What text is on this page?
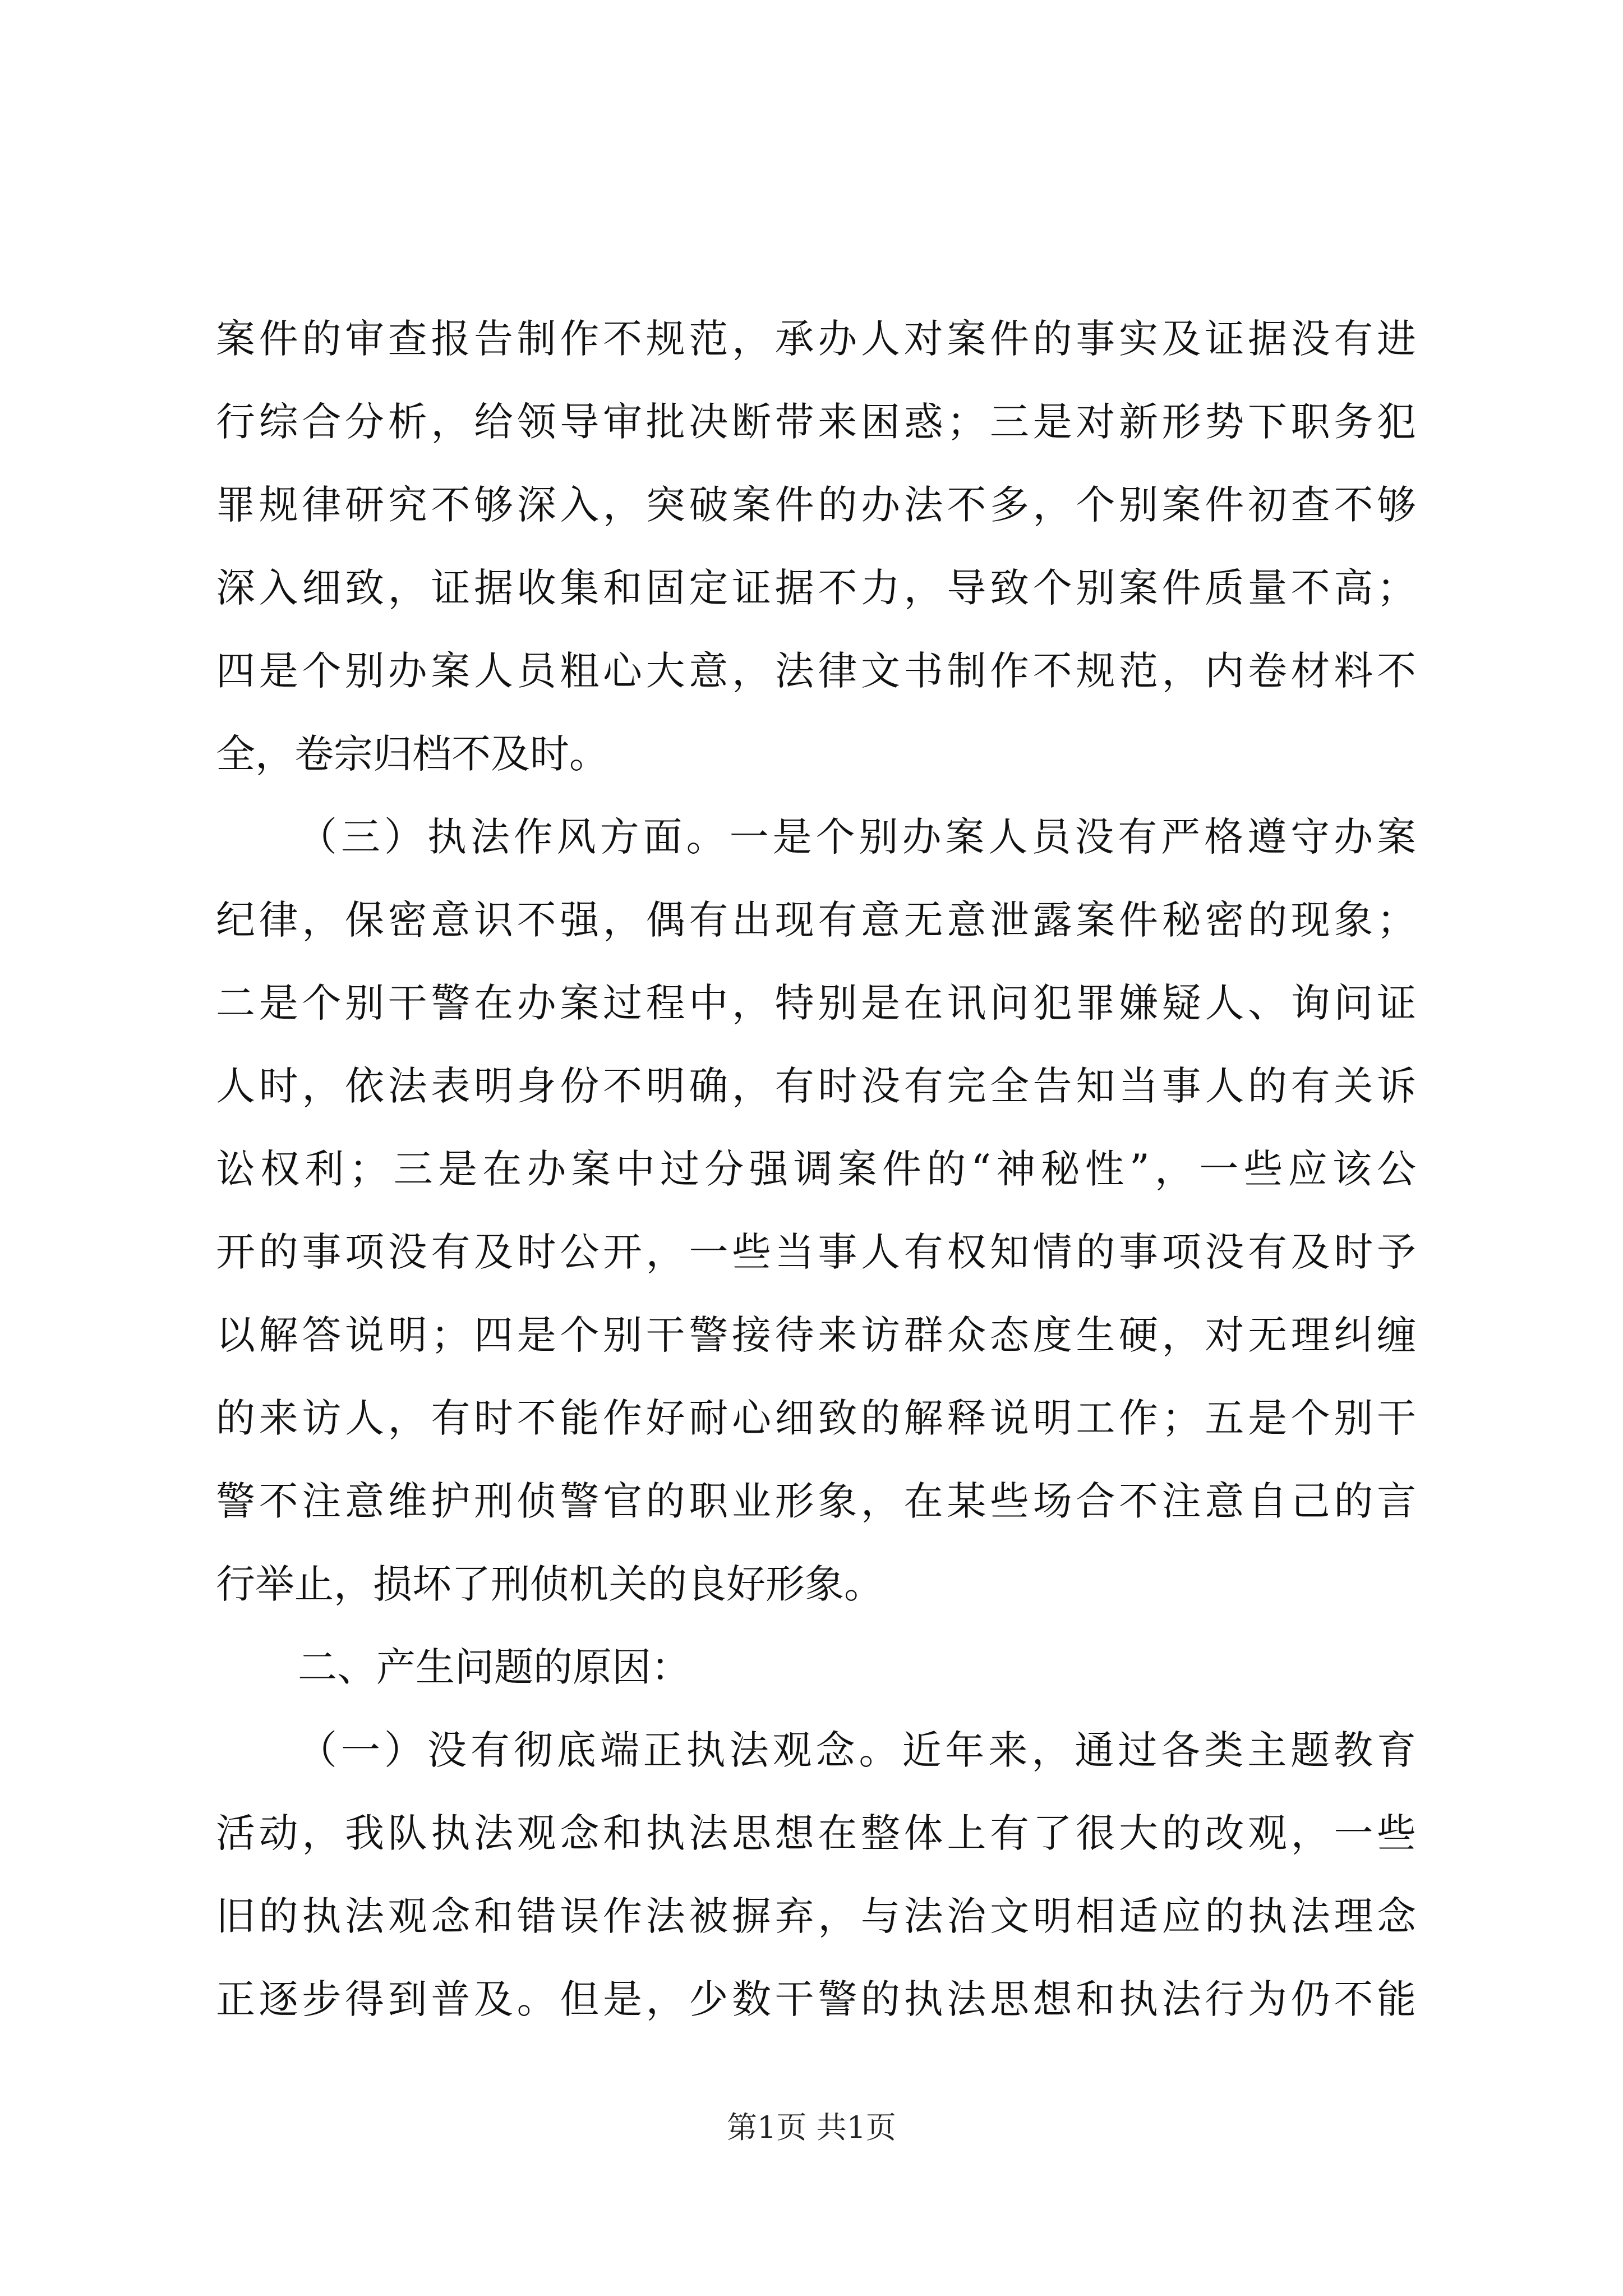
案件的审查报告制作不规范，承办人对案件的事实及证据没有进
行综合分析，给领导审批决断带来困惑；三是对新形势下职务犯
罪规律研究不够深入，突破案件的办法不多，个别案件初查不够
深入细致，证据收集和固定证据不力，导致个别案件质量不高；
四是个别办案人员粗心大意，法律文书制作不规范，内卷材料不
全，卷宗归档不及时。
（三）执法作风方面。一是个别办案人员没有严格遵守办案
纪律，保密意识不强，偶有出现有意无意泄露案件秘密的现象；
二是个别干警在办案过程中，特别是在讯问犯罪嫌疑人、询问证
人时，依法表明身份不明确，有时没有完全告知当事人的有关诉
讼权利；三是在办案中过分强调案件的“神秘性”，一些应该公
开的事项没有及时公开，一些当事人有权知情的事项没有及时予
以解答说明；四是个别干警接待来访群众态度生硬，对无理纠缠
的来访人，有时不能作好耐心细致的解释说明工作；五是个别干
警不注意维护刑侦警官的职业形象，在某些场合不注意自己的言
行举止，损坏了刑侦机关的良好形象。
二、产生问题的原因：
（一）没有彻底端正执法观念。近年来，通过各类主题教育
活动，我队执法观念和执法思想在整体上有了很大的改观，一些
旧的执法观念和错误作法被摒弃，与法治文明相适应的执法理念
正逐步得到普及。但是，少数干警的执法思想和执法行为仍不能
第1页 共1页
